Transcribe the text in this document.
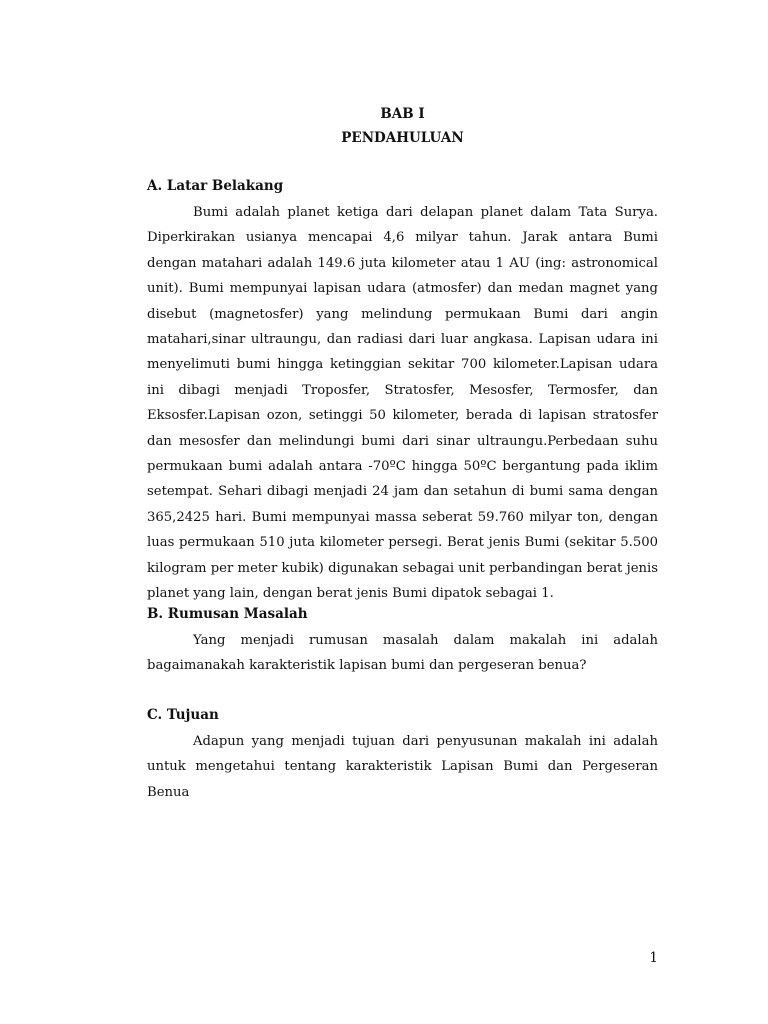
BAB I
PENDAHULUAN
A. Latar Belakang

Bumi adalah planet ketiga dari delapan planet dalam Tata Surya. Diperkirakan usianya mencapai 4,6 milyar tahun. Jarak antara Bumi dengan matahari adalah 149.6 juta kilometer atau 1 AU (ing: astronomical unit). Bumi mempunyai lapisan udara (atmosfer) dan medan magnet yang disebut (magnetosfer) yang melindung permukaan Bumi dari angin matahari,sinar ultraungu, dan radiasi dari luar angkasa. Lapisan udara ini menyelimuti bumi hingga ketinggian sekitar 700 kilometer.Lapisan udara ini dibagi menjadi Troposfer, Stratosfer, Mesosfer, Termosfer, dan Eksosfer.Lapisan ozon, setinggi 50 kilometer, berada di lapisan stratosfer dan mesosfer dan melindungi bumi dari sinar ultraungu.Perbedaan suhu permukaan bumi adalah antara -70ºC hingga 50ºC bergantung pada iklim setempat. Sehari dibagi menjadi 24 jam dan setahun di bumi sama dengan 365,2425 hari. Bumi mempunyai massa seberat 59.760 milyar ton, dengan luas permukaan 510 juta kilometer persegi. Berat jenis Bumi (sekitar 5.500 kilogram per meter kubik) digunakan sebagai unit perbandingan berat jenis planet yang lain, dengan berat jenis Bumi dipatok sebagai 1.

B. Rumusan Masalah

Yang menjadi rumusan masalah dalam makalah ini adalah bagaimanakah karakteristik lapisan bumi dan pergeseran benua?

C. Tujuan

Adapun yang menjadi tujuan dari penyusunan makalah ini adalah untuk mengetahui tentang karakteristik Lapisan Bumi dan Pergeseran Benua

1
